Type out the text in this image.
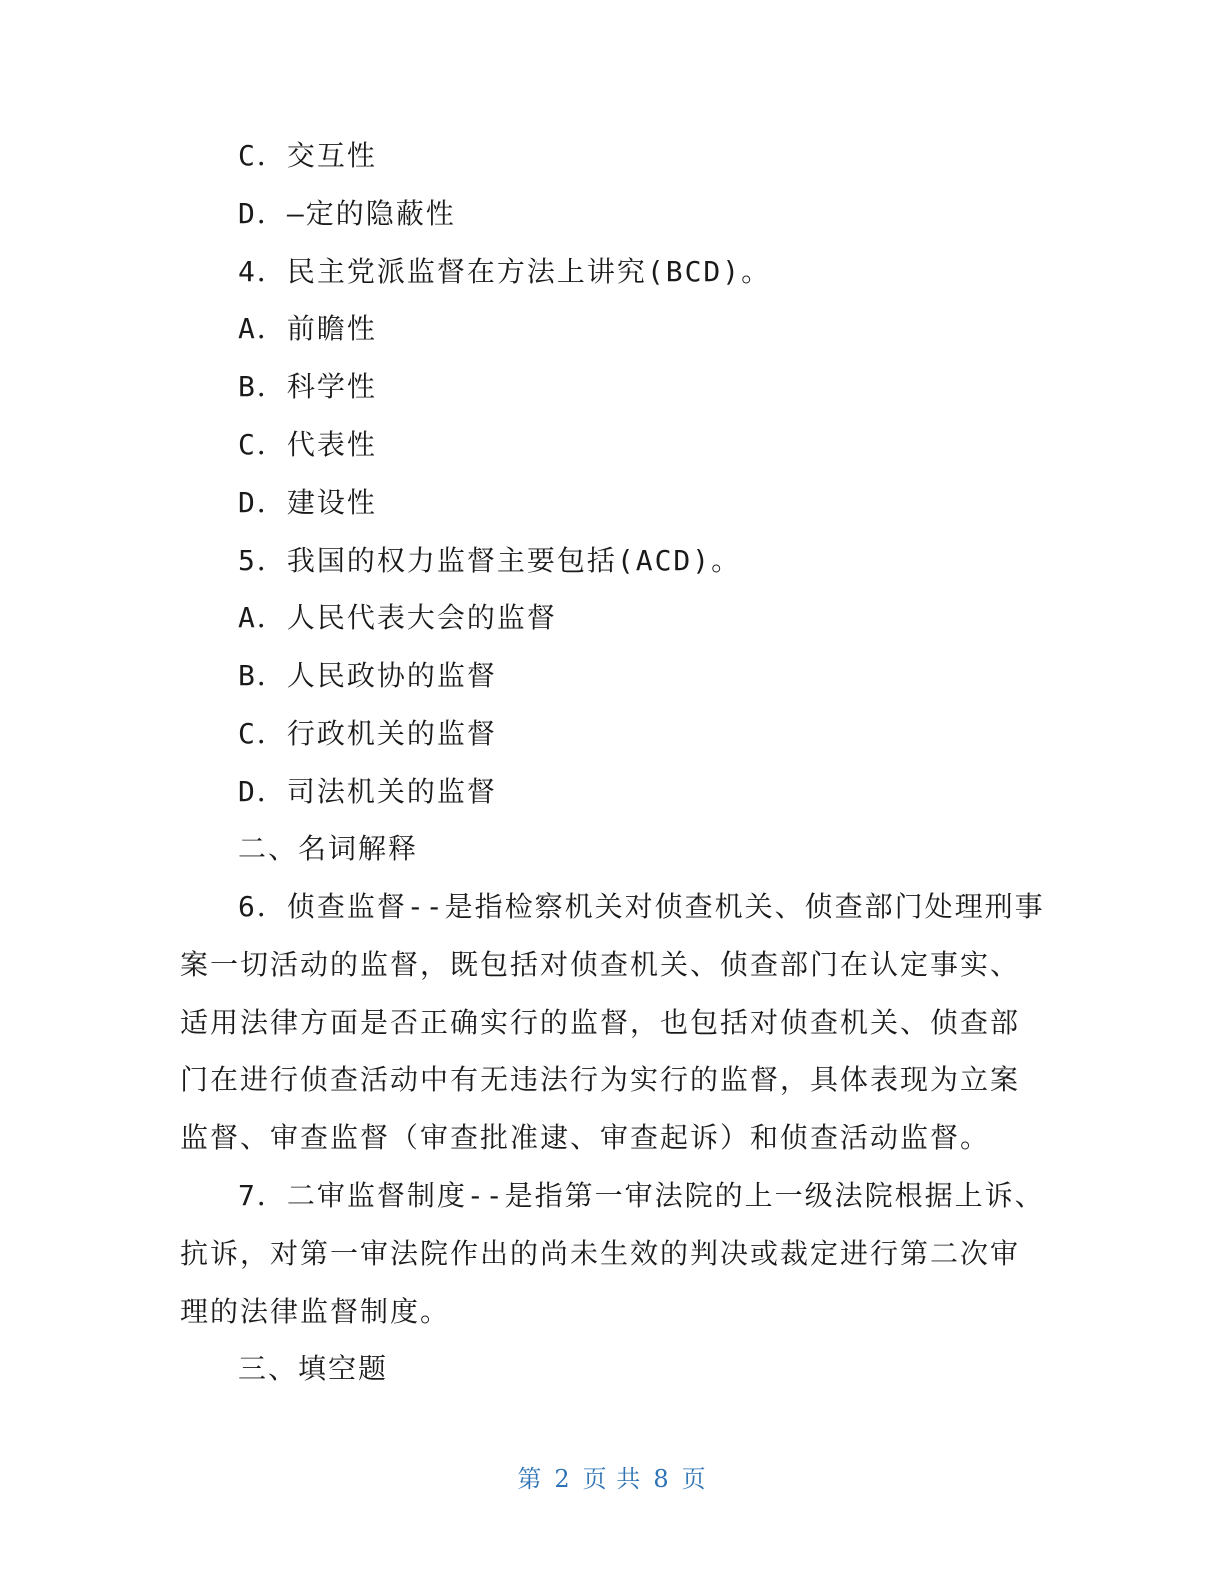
C．交互性
D．–定的隐蔽性
4．民主党派监督在方法上讲究(BCD)。
A．前瞻性
B．科学性
C．代表性
D．建设性
5．我国的权力监督主要包括(ACD)。
A．人民代表大会的监督
B．人民政协的监督
C．行政机关的监督
D．司法机关的监督
二、名词解释
6．侦查监督--是指检察机关对侦查机关、侦查部门处理刑事
案一切活动的监督，既包括对侦查机关、侦查部门在认定事实、
适用法律方面是否正确实行的监督，也包括对侦查机关、侦查部
门在进行侦查活动中有无违法行为实行的监督，具体表现为立案
监督、审查监督（审查批准逮、审查起诉）和侦查活动监督。
7．二审监督制度--是指第一审法院的上一级法院根据上诉、
抗诉，对第一审法院作出的尚未生效的判决或裁定进行第二次审
理的法律监督制度。
三、填空题
第 2 页 共 8 页
